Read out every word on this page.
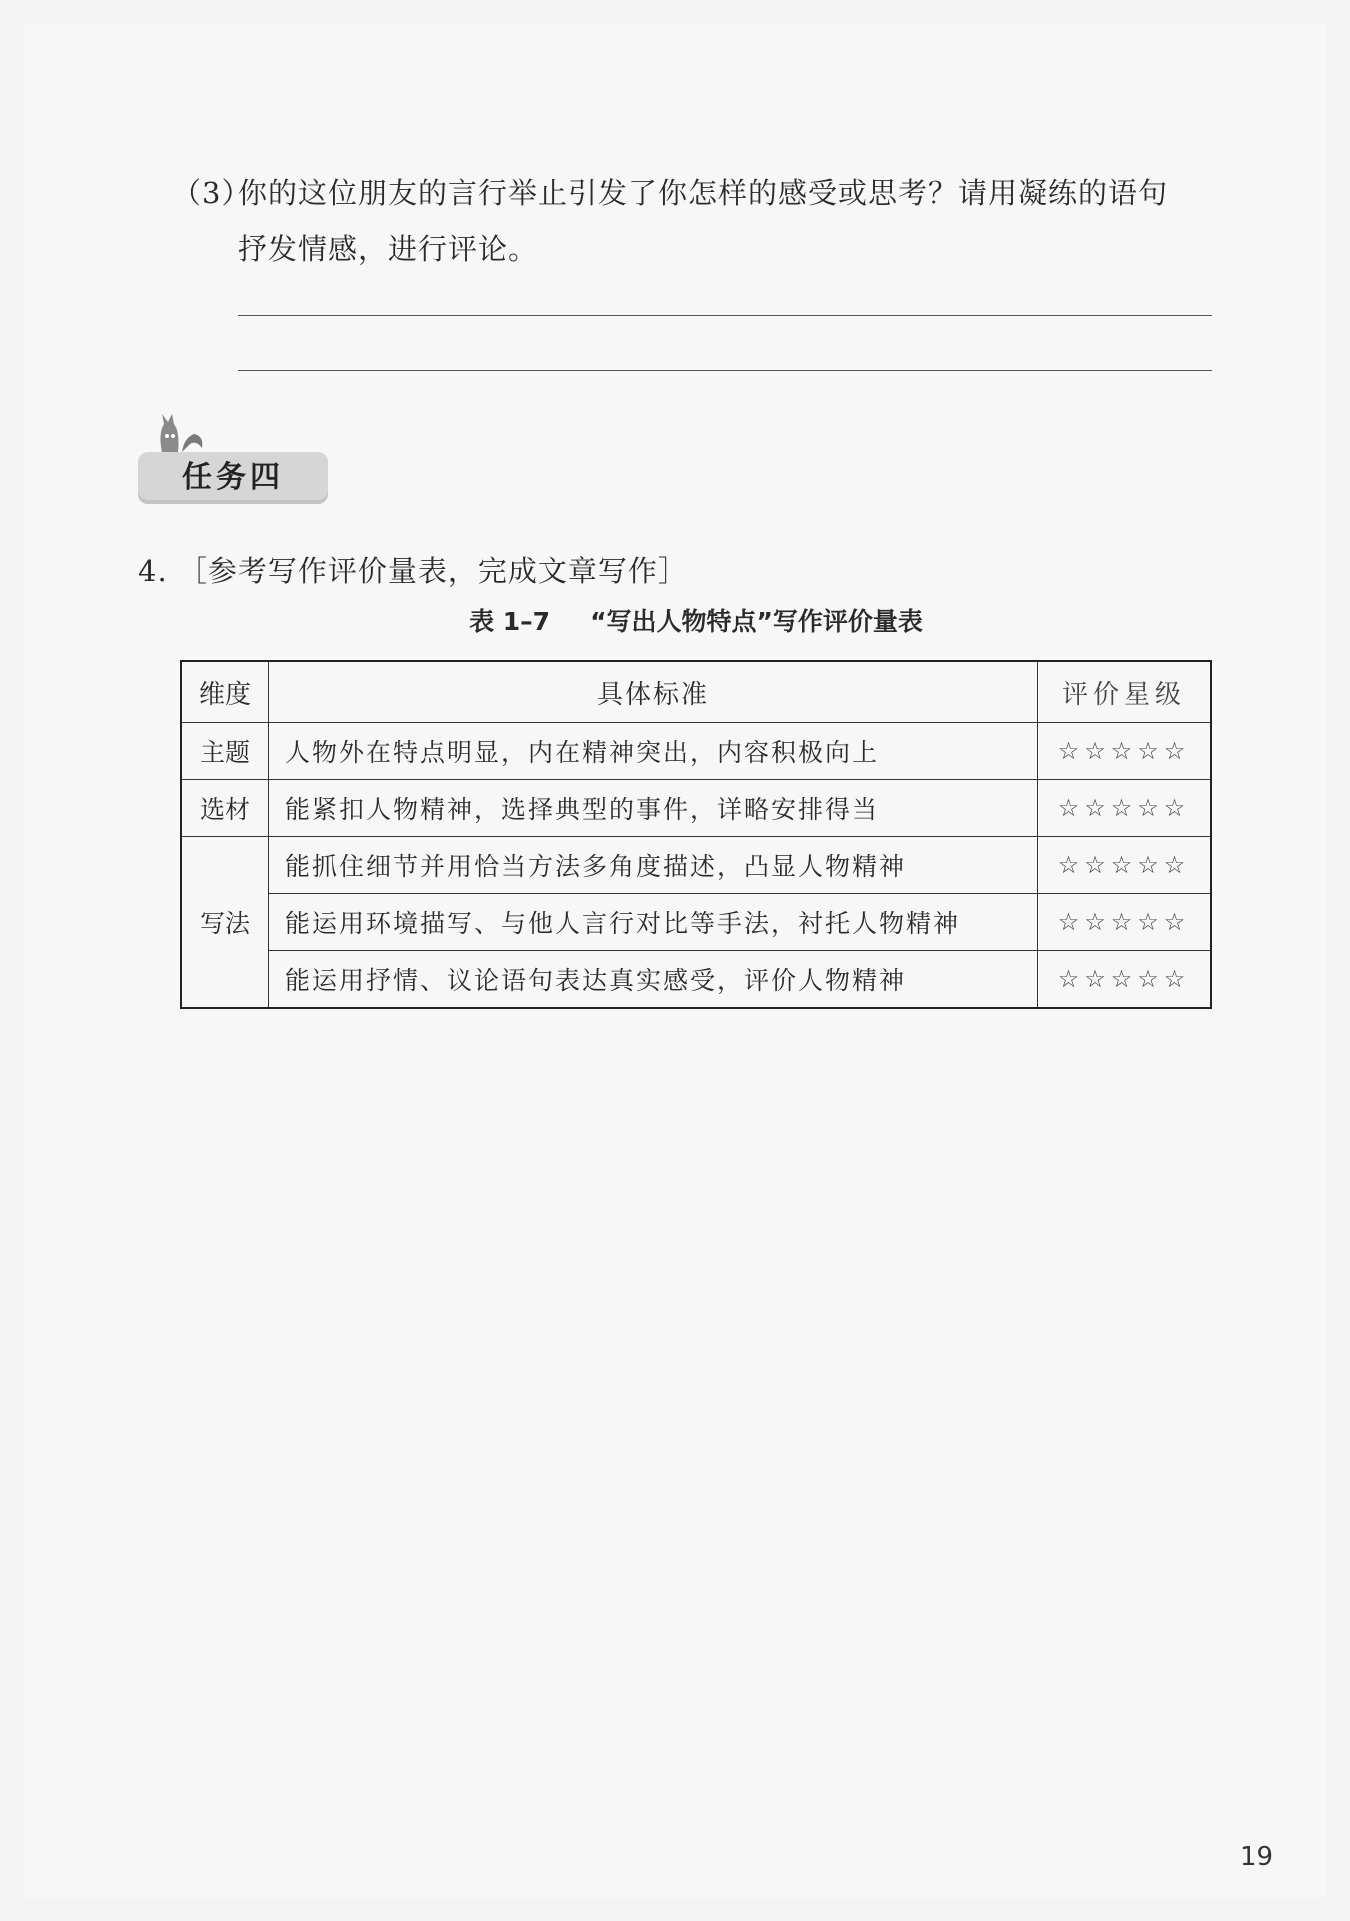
（3）你的这位朋友的言行举止引发了你怎样的感受或思考？请用凝练的语句
抒发情感，进行评论。
任务四
4. ［参考写作评价量表，完成文章写作］
表 1–7 “写出人物特点”写作评价量表
维度	具体标准	评价星级
主题	人物外在特点明显，内在精神突出，内容积极向上	☆☆☆☆☆
选材	能紧扣人物精神，选择典型的事件，详略安排得当	☆☆☆☆☆
写法	能抓住细节并用恰当方法多角度描述，凸显人物精神	☆☆☆☆☆
	能运用环境描写、与他人言行对比等手法，衬托人物精神	☆☆☆☆☆
	能运用抒情、议论语句表达真实感受，评价人物精神	☆☆☆☆☆
19
